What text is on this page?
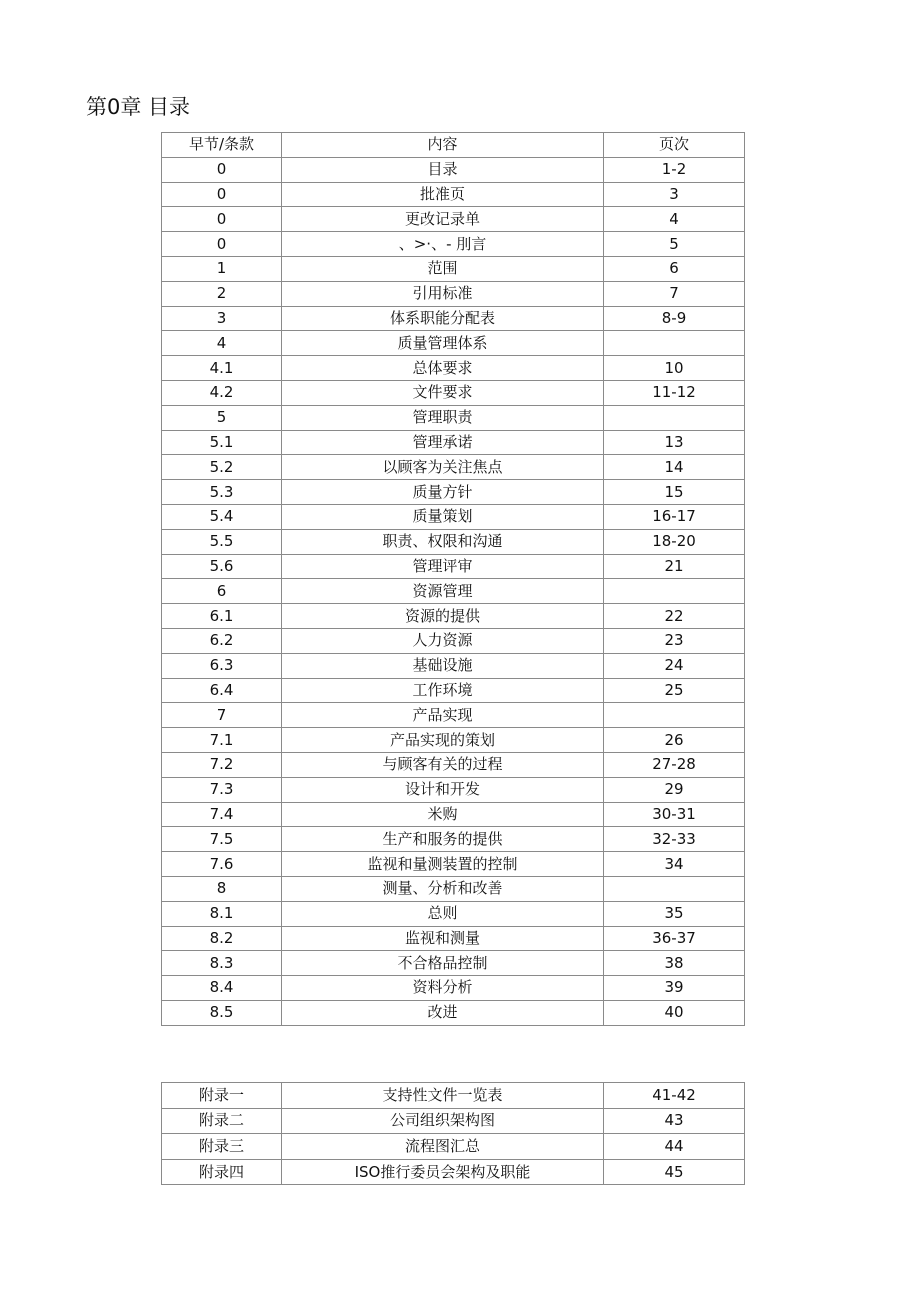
第0章 目录
早节/条款	内容	页次
0	目录	1-2
0	批准页	3
0	更改记录单	4
0	、>·、- 刖言	5
1	范围	6
2	引用标准	7
3	体系职能分配表	8-9
4	质量管理体系	
4.1	总体要求	10
4.2	文件要求	11-12
5	管理职责	
5.1	管理承诺	13
5.2	以顾客为关注焦点	14
5.3	质量方针	15
5.4	质量策划	16-17
5.5	职责、权限和沟通	18-20
5.6	管理评审	21
6	资源管理	
6.1	资源的提供	22
6.2	人力资源	23
6.3	基础设施	24
6.4	工作环境	25
7	产品实现	
7.1	产品实现的策划	26
7.2	与顾客有关的过程	27-28
7.3	设计和开发	29
7.4	米购	30-31
7.5	生产和服务的提供	32-33
7.6	监视和量测装置的控制	34
8	测量、分析和改善	
8.1	总则	35
8.2	监视和测量	36-37
8.3	不合格品控制	38
8.4	资料分析	39
8.5	改进	40
附录一	支持性文件一览表	41-42
附录二	公司组织架构图	43
附录三	流程图汇总	44
附录四	ISO推行委员会架构及职能	45
